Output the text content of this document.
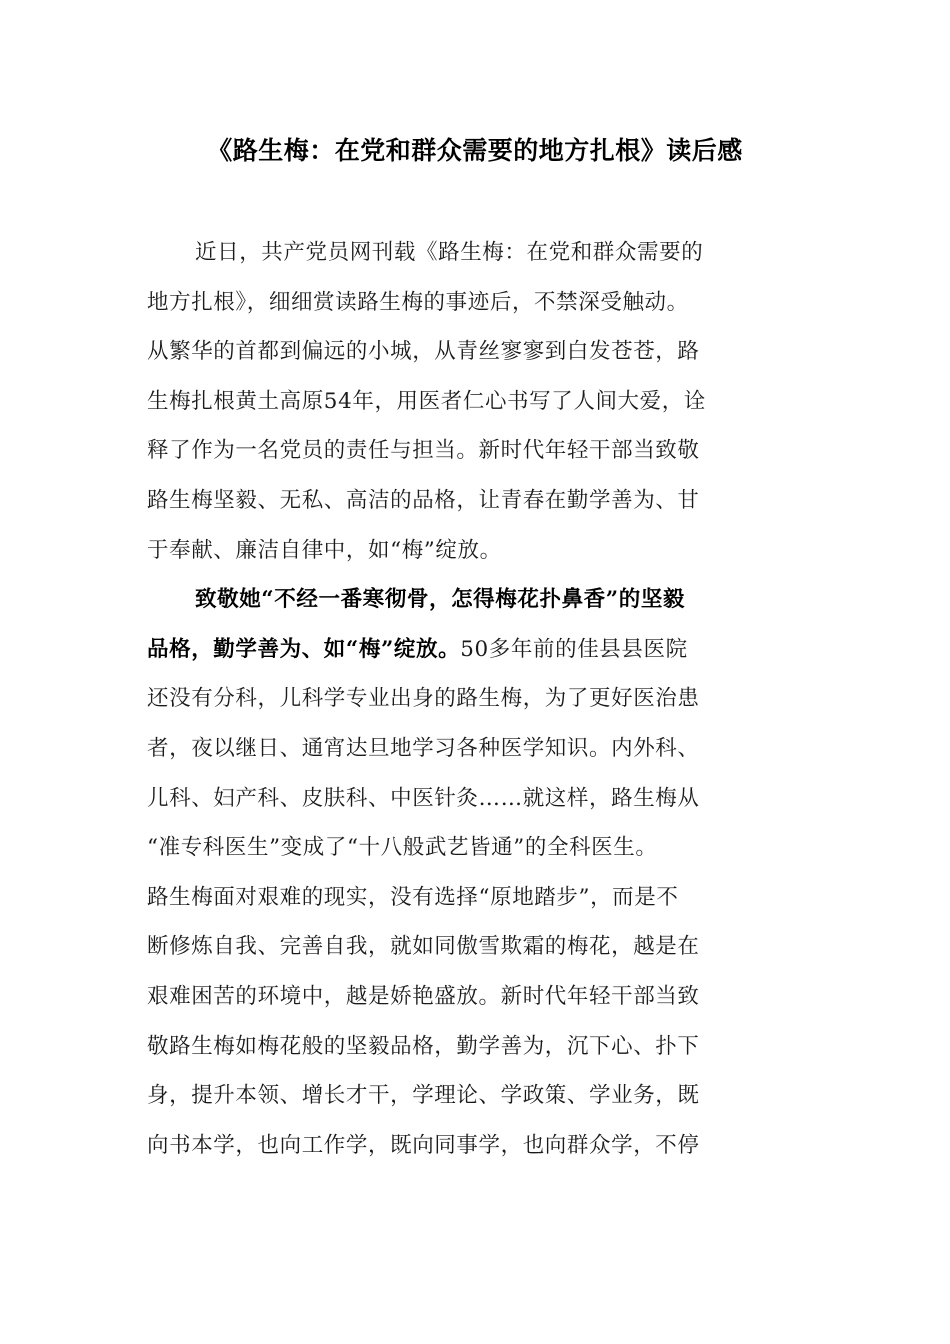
《路生梅：在党和群众需要的地方扎根》读后感
近日，共产党员网刊载《路生梅：在党和群众需要的
地方扎根》，细细赏读路生梅的事迹后，不禁深受触动。
从繁华的首都到偏远的小城，从青丝寥寥到白发苍苍，路
生梅扎根黄土高原54年，用医者仁心书写了人间大爱，诠
释了作为一名党员的责任与担当。新时代年轻干部当致敬
路生梅坚毅、无私、高洁的品格，让青春在勤学善为、甘
于奉献、廉洁自律中，如“梅”绽放。
致敬她“不经一番寒彻骨，怎得梅花扑鼻香”的坚毅
品格，勤学善为、如“梅”绽放。50多年前的佳县县医院
还没有分科，儿科学专业出身的路生梅，为了更好医治患
者，夜以继日、通宵达旦地学习各种医学知识。内外科、
儿科、妇产科、皮肤科、中医针灸……就这样，路生梅从
“准专科医生”变成了“十八般武艺皆通”的全科医生。
路生梅面对艰难的现实，没有选择“原地踏步”，而是不
断修炼自我、完善自我，就如同傲雪欺霜的梅花，越是在
艰难困苦的环境中，越是娇艳盛放。新时代年轻干部当致
敬路生梅如梅花般的坚毅品格，勤学善为，沉下心、扑下
身，提升本领、增长才干，学理论、学政策、学业务，既
向书本学，也向工作学，既向同事学，也向群众学，不停
